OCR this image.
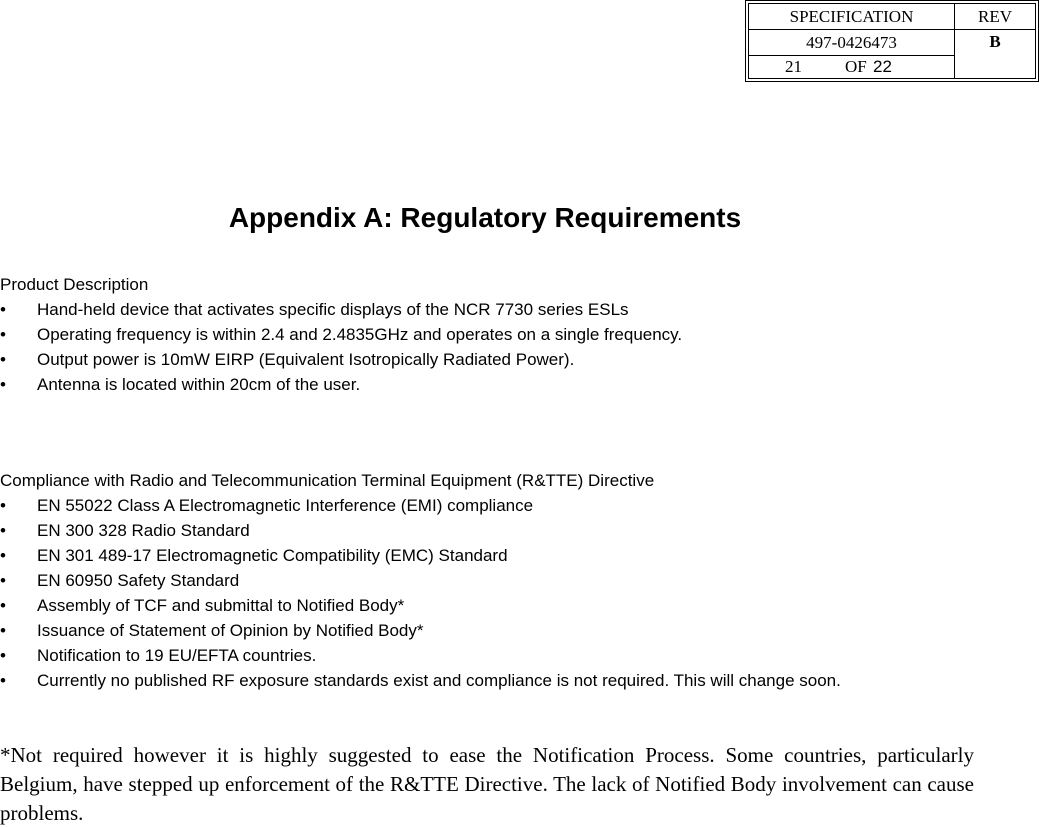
SPECIFICATION	REV
497-0426473	B
21	OF 22
Appendix A: Regulatory Requirements
Product Description
•	Hand-held device that activates specific displays of the NCR 7730 series ESLs
•	Operating frequency is within 2.4 and 2.4835GHz and operates on a single frequency.
•	Output power is 10mW EIRP (Equivalent Isotropically Radiated Power).
•	Antenna is located within 20cm of the user.
Compliance with Radio and Telecommunication Terminal Equipment (R&TTE) Directive
•	EN 55022 Class A Electromagnetic Interference (EMI) compliance
•	EN 300 328 Radio Standard
•	EN 301 489-17 Electromagnetic Compatibility (EMC) Standard
•	EN 60950 Safety Standard
•	Assembly of TCF and submittal to Notified Body*
•	Issuance of Statement of Opinion by Notified Body*
•	Notification to 19 EU/EFTA countries.
•	Currently no published RF exposure standards exist and compliance is not required. This will change soon.

*Not required however it is highly suggested to ease the Notification Process. Some countries, particularly Belgium, have stepped up enforcement of the R&TTE Directive. The lack of Notified Body involvement can cause problems.
